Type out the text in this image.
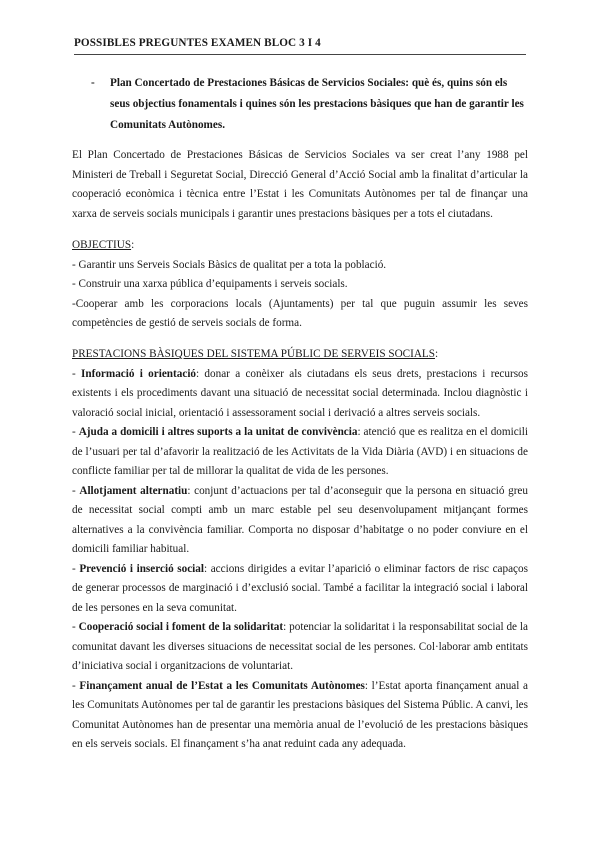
POSSIBLES PREGUNTES EXAMEN BLOC 3 I 4
- Plan Concertado de Prestaciones Básicas de Servicios Sociales: què és, quins són els seus objectius fonamentals i quines són les prestacions bàsiques que han de garantir les Comunitats Autònomes.
El Plan Concertado de Prestaciones Básicas de Servicios Sociales va ser creat l’any 1988 pel Ministeri de Treball i Seguretat Social, Direcció General d’Acció Social amb la finalitat d’articular la cooperació econòmica i tècnica entre l’Estat i les Comunitats Autònomes per tal de finançar una xarxa de serveis socials municipals i garantir unes prestacions bàsiques per a tots el ciutadans.
OBJECTIUS:
- Garantir uns Serveis Socials Bàsics de qualitat per a tota la població.
- Construir una xarxa pública d’equipaments i serveis socials.
-Cooperar amb les corporacions locals (Ajuntaments) per tal que puguin assumir les seves competències de gestió de serveis socials de forma.
PRESTACIONS BÀSIQUES DEL SISTEMA PÚBLIC DE SERVEIS SOCIALS:
- Informació i orientació: donar a conèixer als ciutadans els seus drets, prestacions i recursos existents i els procediments davant una situació de necessitat social determinada. Inclou diagnòstic i valoració social inicial, orientació i assessorament social i derivació a altres serveis socials.
- Ajuda a domicili i altres suports a la unitat de convivència: atenció que es realitza en el domicili de l’usuari per tal d’afavorir la realització de les Activitats de la Vida Diària (AVD) i en situacions de conflicte familiar per tal de millorar la qualitat de vida de les persones.
- Allotjament alternatiu: conjunt d’actuacions per tal d’aconseguir que la persona en situació greu de necessitat social compti amb un marc estable pel seu desenvolupament mitjançant formes alternatives a la convivència familiar. Comporta no disposar d’habitatge o no poder conviure en el domicili familiar habitual.
- Prevenció i inserció social: accions dirigides a evitar l’aparició o eliminar factors de risc capaços de generar processos de marginació i d’exclusió social. També a facilitar la integració social i laboral de les persones en la seva comunitat.
- Cooperació social i foment de la solidaritat: potenciar la solidaritat i la responsabilitat social de la comunitat davant les diverses situacions de necessitat social de les persones. Col·laborar amb entitats d’iniciativa social i organitzacions de voluntariat.
- Finançament anual de l’Estat a les Comunitats Autònomes: l’Estat aporta finançament anual a les Comunitats Autònomes per tal de garantir les prestacions bàsiques del Sistema Públic. A canvi, les Comunitat Autònomes han de presentar una memòria anual de l’evolució de les prestacions bàsiques en els serveis socials. El finançament s’ha anat reduint cada any adequada.
